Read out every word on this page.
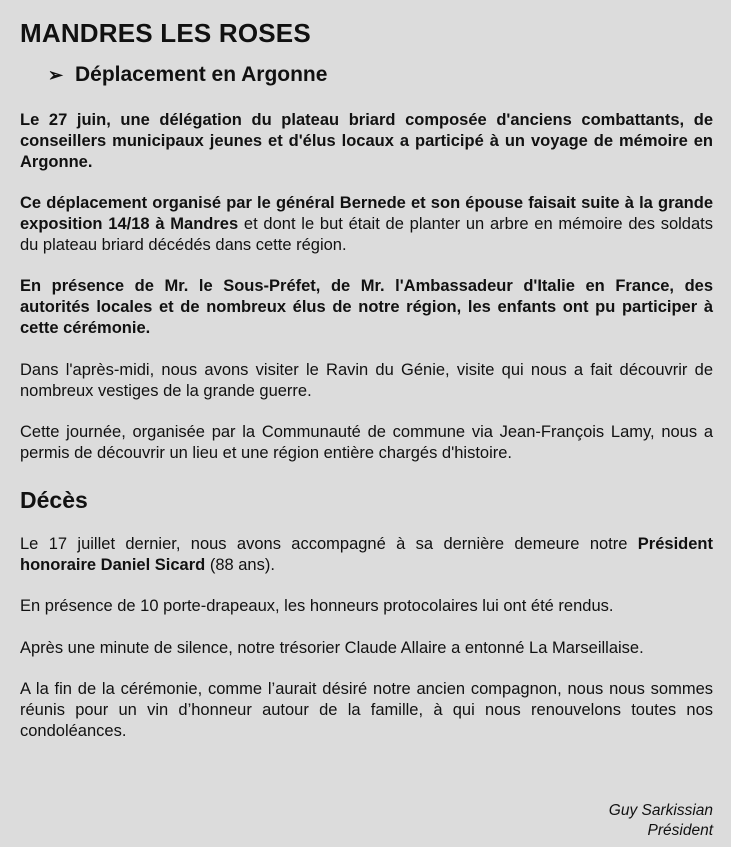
MANDRES LES ROSES
➢ Déplacement en Argonne

Le 27 juin, une délégation du plateau briard composée d'anciens combattants, de conseillers municipaux jeunes et d'élus locaux a participé à un voyage de mémoire en Argonne.

Ce déplacement organisé par le général Bernede et son épouse faisait suite à la grande exposition 14/18 à Mandres et dont le but était de planter un arbre en mémoire des soldats du plateau briard décédés dans cette région.

En présence de Mr. le Sous-Préfet, de Mr. l'Ambassadeur d'Italie en France, des autorités locales et de nombreux élus de notre région, les enfants ont pu participer à cette cérémonie.

Dans l'après-midi, nous avons visiter le Ravin du Génie, visite qui nous a fait découvrir de nombreux vestiges de la grande guerre.

Cette journée, organisée par la Communauté de commune via Jean-François Lamy, nous a permis de découvrir un lieu et une région entière chargés d'histoire.

Décès

Le 17 juillet dernier, nous avons accompagné à sa dernière demeure notre Président honoraire Daniel Sicard (88 ans).

En présence de 10 porte-drapeaux, les honneurs protocolaires lui ont été rendus.

Après une minute de silence, notre trésorier Claude Allaire a entonné La Marseillaise.

A la fin de la cérémonie, comme l’aurait désiré notre ancien compagnon, nous nous sommes réunis pour un vin d’honneur autour de la famille, à qui nous renouvelons toutes nos condoléances.

Guy Sarkissian
Président
